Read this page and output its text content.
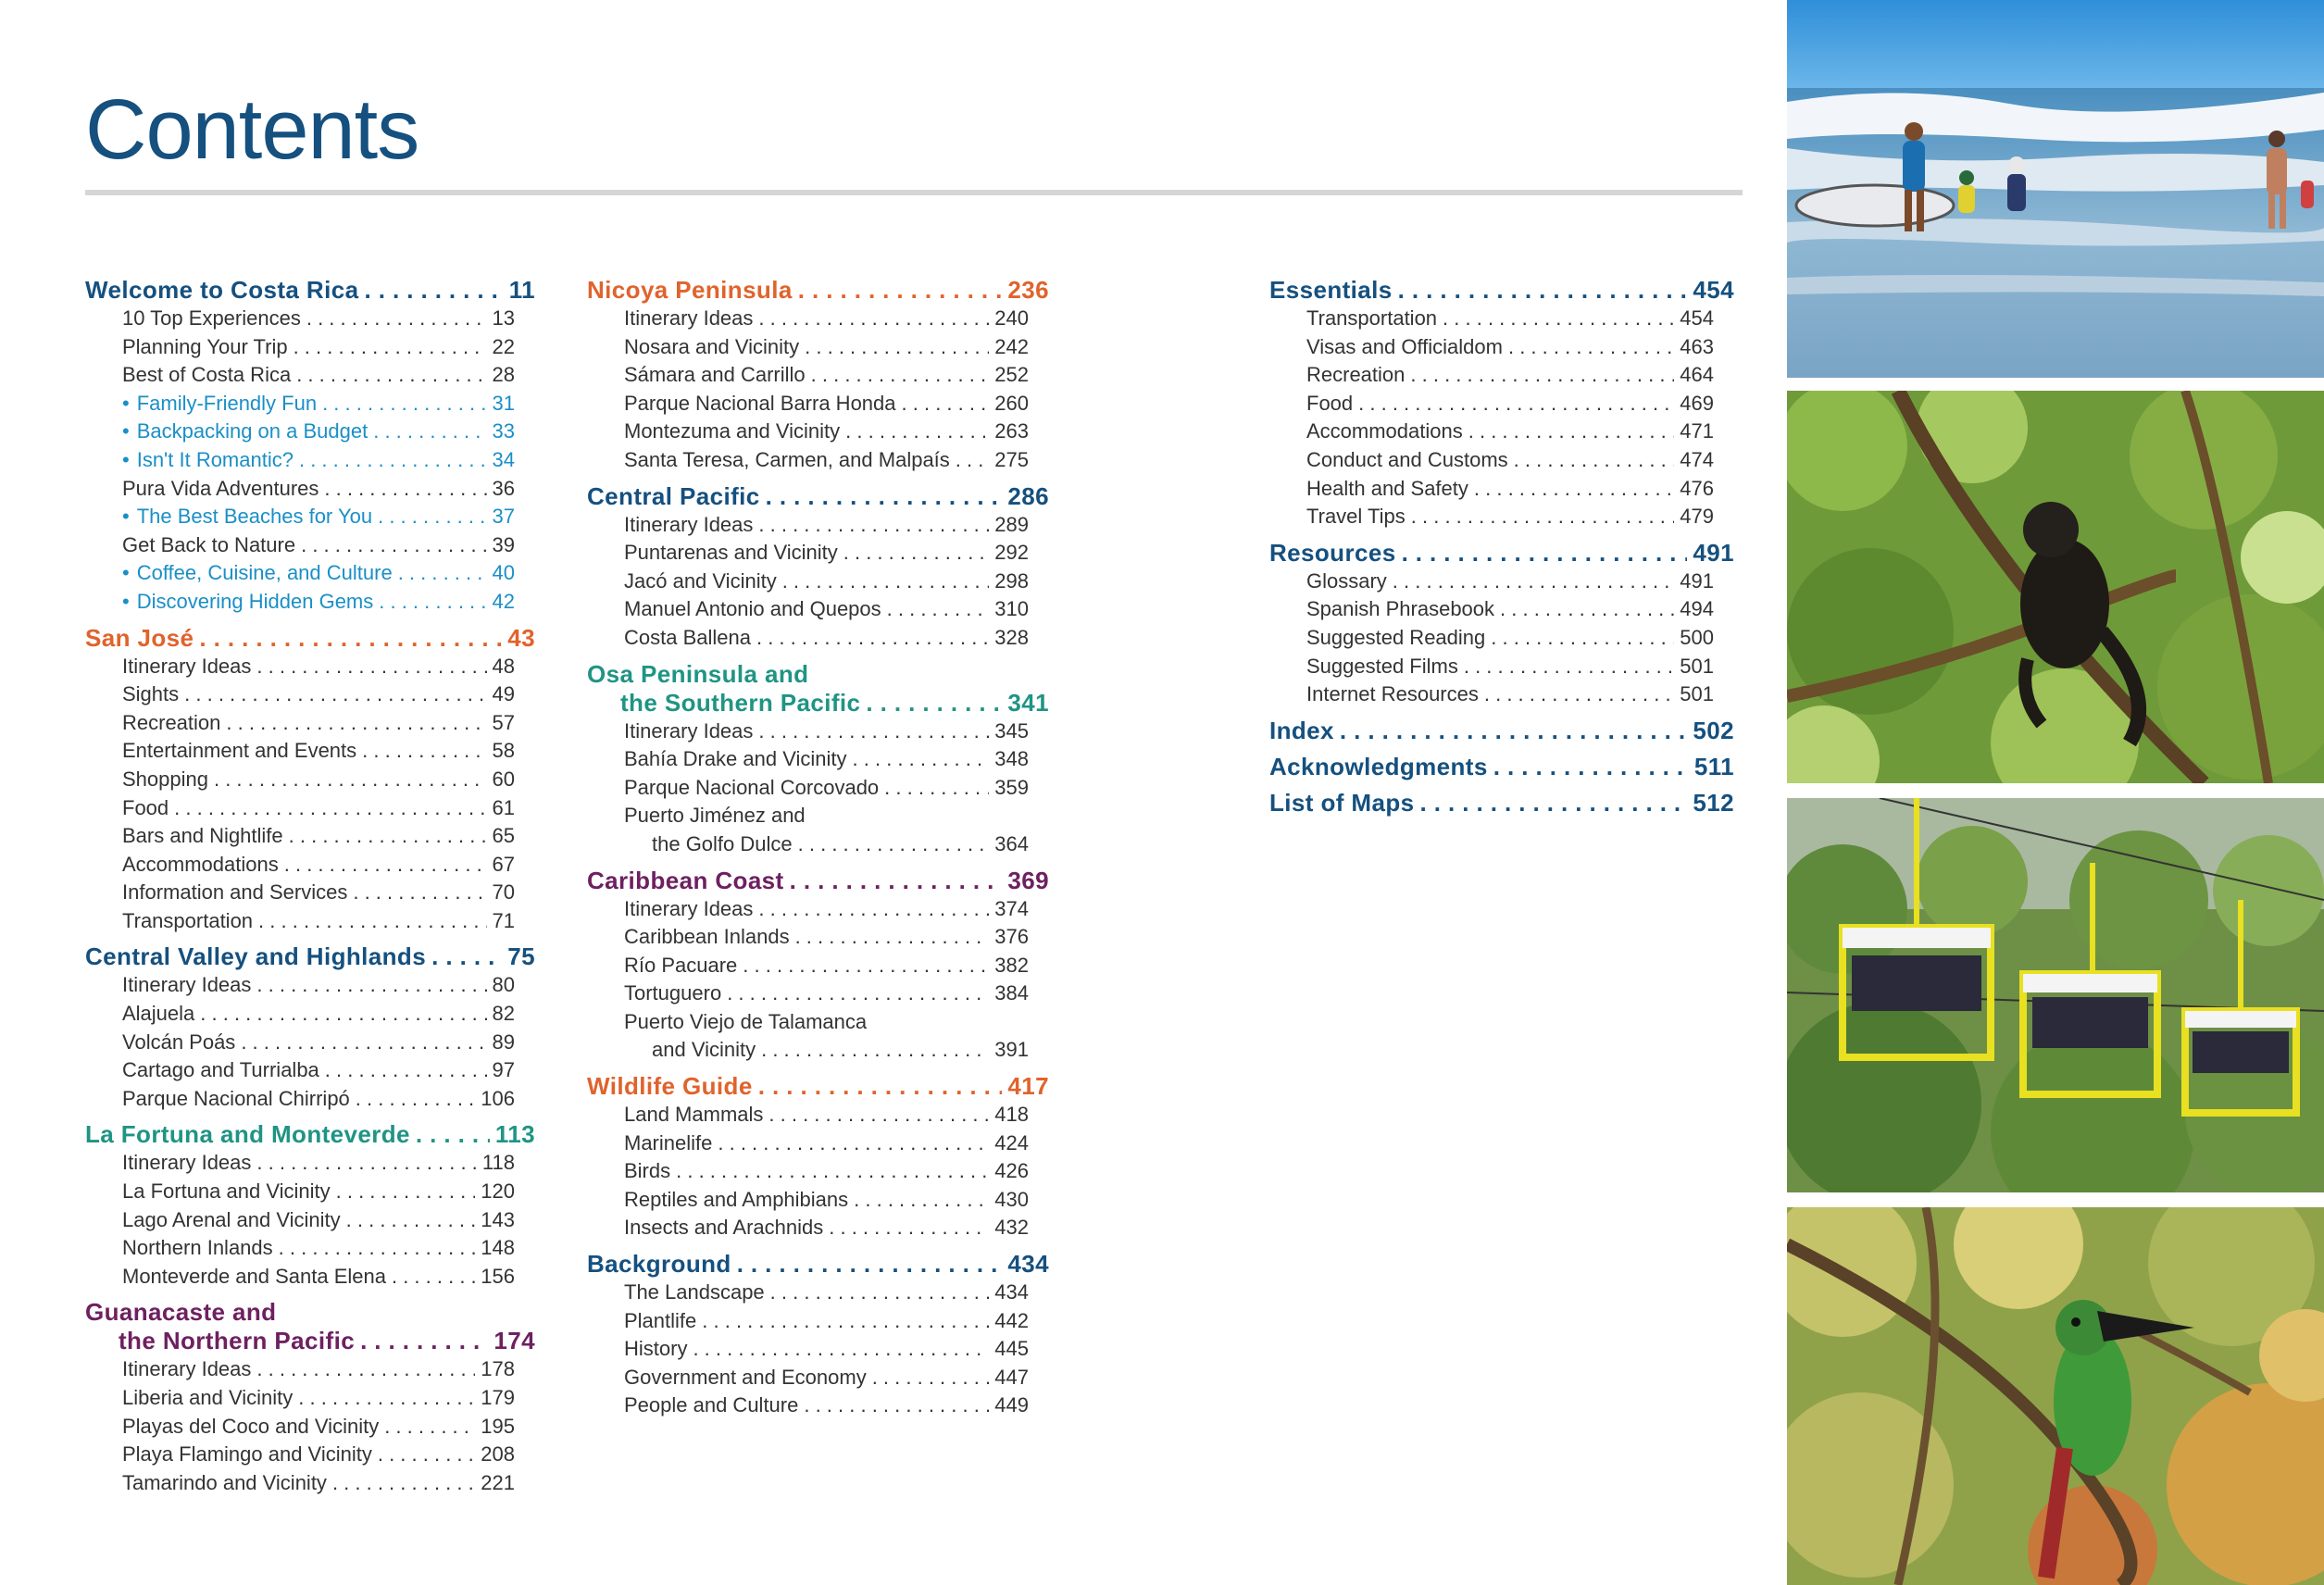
Contents
Welcome to Costa Rica . . .	11
10 Top Experiences . . .	13
Planning Your Trip . . .	22
Best of Costa Rica . . .	28
• Family-Friendly Fun . . .	31
• Backpacking on a Budget . . .	33
• Isn't It Romantic? . . .	34
Pura Vida Adventures . . .	36
• The Best Beaches for You . . .	37
Get Back to Nature . . .	39
• Coffee, Cuisine, and Culture . . .	40
• Discovering Hidden Gems . . .	42
San José . . .	43
Itinerary Ideas . . .	48
Sights . . .	49
Recreation . . .	57
Entertainment and Events . . .	58
Shopping . . .	60
Food . . .	61
Bars and Nightlife . . .	65
Accommodations . . .	67
Information and Services . . .	70
Transportation . . .	71
Central Valley and Highlands . . .	75
Itinerary Ideas . . .	80
Alajuela . . .	82
Volcán Poás . . .	89
Cartago and Turrialba . . .	97
Parque Nacional Chirripó . . .	106
La Fortuna and Monteverde . . .	113
Itinerary Ideas . . .	118
La Fortuna and Vicinity . . .	120
Lago Arenal and Vicinity . . .	143
Northern Inlands . . .	148
Monteverde and Santa Elena . . .	156
Guanacaste and
the Northern Pacific . . .	174
Itinerary Ideas . . .	178
Liberia and Vicinity . . .	179
Playas del Coco and Vicinity . . .	195
Playa Flamingo and Vicinity . . .	208
Tamarindo and Vicinity . . .	221
Nicoya Peninsula . . .	236
Itinerary Ideas . . .	240
Nosara and Vicinity . . .	242
Sámara and Carrillo . . .	252
Parque Nacional Barra Honda . . .	260
Montezuma and Vicinity . . .	263
Santa Teresa, Carmen, and Malpaís . . . 275
Central Pacific . . .	286
Itinerary Ideas . . .	289
Puntarenas and Vicinity . . .	292
Jacó and Vicinity . . .	298
Manuel Antonio and Quepos . . .	310
Costa Ballena . . .	328
Osa Peninsula and
the Southern Pacific . . .	341
Itinerary Ideas . . .	345
Bahía Drake and Vicinity . . .	348
Parque Nacional Corcovado . . .	359
Puerto Jiménez and
the Golfo Dulce . . .	364
Caribbean Coast . . .	369
Itinerary Ideas . . .	374
Caribbean Inlands . . .	376
Río Pacuare . . .	382
Tortuguero . . .	384
Puerto Viejo de Talamanca
and Vicinity . . .	391
Wildlife Guide . . .	417
Land Mammals . . .	418
Marinelife . . .	424
Birds . . .	426
Reptiles and Amphibians . . .	430
Insects and Arachnids . . .	432
Background . . .	434
The Landscape . . .	434
Plantlife . . .	442
History . . .	445
Government and Economy . . .	447
People and Culture . . .	449
Essentials . . .	454
Transportation . . .	454
Visas and Officialdom . . .	463
Recreation . . .	464
Food . . .	469
Accommodations . . .	471
Conduct and Customs . . .	474
Health and Safety . . .	476
Travel Tips . . .	479
Resources . . .	491
Glossary . . .	491
Spanish Phrasebook . . .	494
Suggested Reading . . .	500
Suggested Films . . .	501
Internet Resources . . .	501
Index . . .	502
Acknowledgments . . .	511
List of Maps . . .	512
